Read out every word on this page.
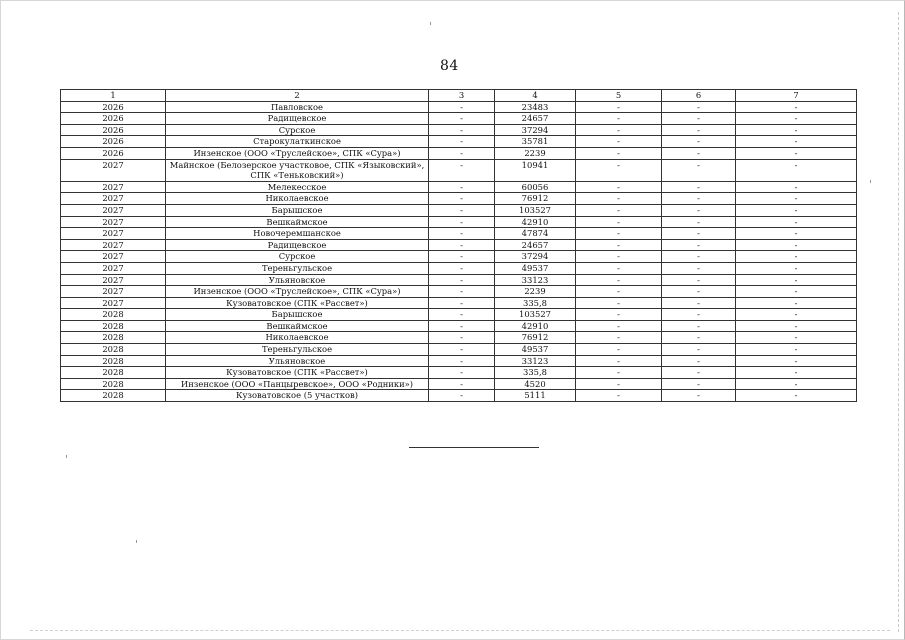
84
1	2	3	4	5	6	7
2026	Павловское	-	23483	-	-	-
2026	Радищевское	-	24657	-	-	-
2026	Сурское	-	37294	-	-	-
2026	Старокулаткинское	-	35781	-	-	-
2026	Инзенское (ООО «Труслейское», СПК «Сура»)	-	2239	-	-	-
2027	Майнское (Белозерское участковое, СПК «Языковский», СПК «Теньковский»)	-	10941	-	-	-
2027	Мелекесское	-	60056	-	-	-
2027	Николаевское	-	76912	-	-	-
2027	Барышское	-	103527	-	-	-
2027	Вешкаймское	-	42910	-	-	-
2027	Новочеремшанское	-	47874	-	-	-
2027	Радищевское	-	24657	-	-	-
2027	Сурское	-	37294	-	-	-
2027	Тереньгульское	-	49537	-	-	-
2027	Ульяновское	-	33123	-	-	-
2027	Инзенское (ООО «Труслейское», СПК «Сура»)	-	2239	-	-	-
2027	Кузоватовское (СПК «Рассвет»)	-	335,8	-	-	-
2028	Барышское	-	103527	-	-	-
2028	Вешкаймское	-	42910	-	-	-
2028	Николаевское	-	76912	-	-	-
2028	Тереньгульское	-	49537	-	-	-
2028	Ульяновское	-	33123	-	-	-
2028	Кузоватовское (СПК «Рассвет»)	-	335,8	-	-	-
2028	Инзенское (ООО «Панцыревское», ООО «Родники»)	-	4520	-	-	-
2028	Кузоватовское (5 участков)	-	5111	-	-	-
